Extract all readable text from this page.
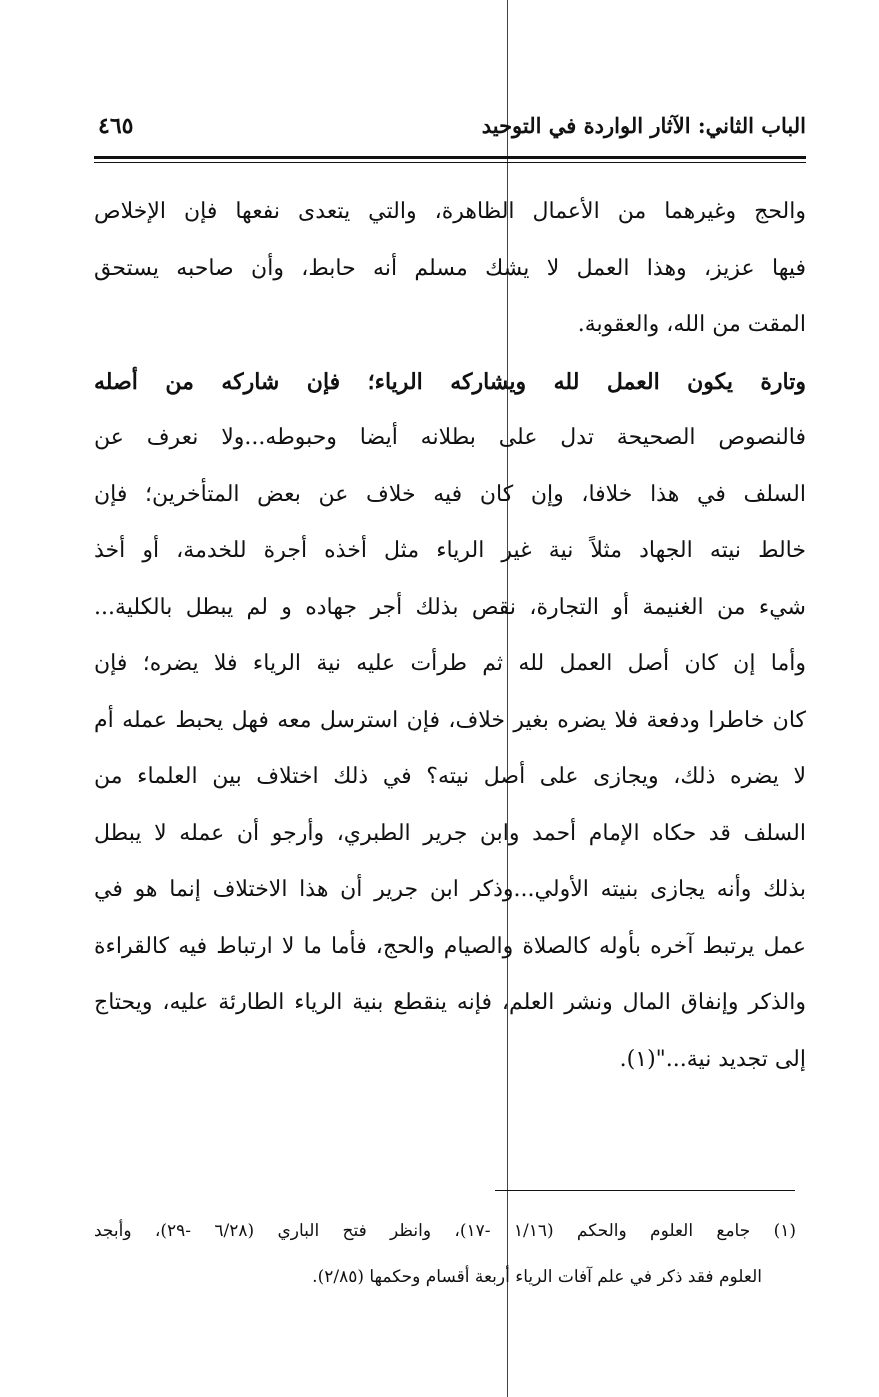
الباب الثاني: الآثار الواردة في التوحيد
٤٦٥
والحج وغيرهما من الأعمال الظاهرة، والتي يتعدى نفعها فإن الإخلاص
فيها عزيز، وهذا العمل لا يشك مسلم أنه حابط، وأن صاحبه يستحق
المقت من الله، والعقوبة.
وتارة يكون العمل لله ويشاركه الرياء؛ فإن شاركه من أصله
فالنصوص الصحيحة تدل على بطلانه أيضا وحبوطه...ولا نعرف عن
السلف في هذا خلافا، وإن كان فيه خلاف عن بعض المتأخرين؛ فإن
خالط نيته الجهاد مثلاً نية غير الرياء مثل أخذه أجرة للخدمة، أو أخذ
شيء من الغنيمة أو التجارة، نقص بذلك أجر جهاده و لم يبطل بالكلية...
وأما إن كان أصل العمل لله ثم طرأت عليه نية الرياء فلا يضره؛ فإن
كان خاطرا ودفعة فلا يضره بغير خلاف، فإن استرسل معه فهل يحبط عمله أم
لا يضره ذلك، ويجازى على أصل نيته؟ في ذلك اختلاف بين العلماء من
السلف قد حكاه الإمام أحمد وابن جرير الطبري، وأرجو أن عمله لا يبطل
بذلك وأنه يجازى بنيته الأولي...وذكر ابن جرير أن هذا الاختلاف إنما هو في
عمل يرتبط آخره بأوله كالصلاة والصيام والحج، فأما ما لا ارتباط فيه كالقراءة
والذكر وإنفاق المال ونشر العلم، فإنه ينقطع بنية الرياء الطارئة عليه، ويحتاج
إلى تجديد نية..."(١).
(١) جامع العلوم والحكم (١/١٦ -١٧)، وانظر فتح الباري (٦/٢٨ -٢٩)، وأبجد
العلوم فقد ذكر في علم آفات الرياء أربعة أقسام وحكمها (٢/٨٥).
